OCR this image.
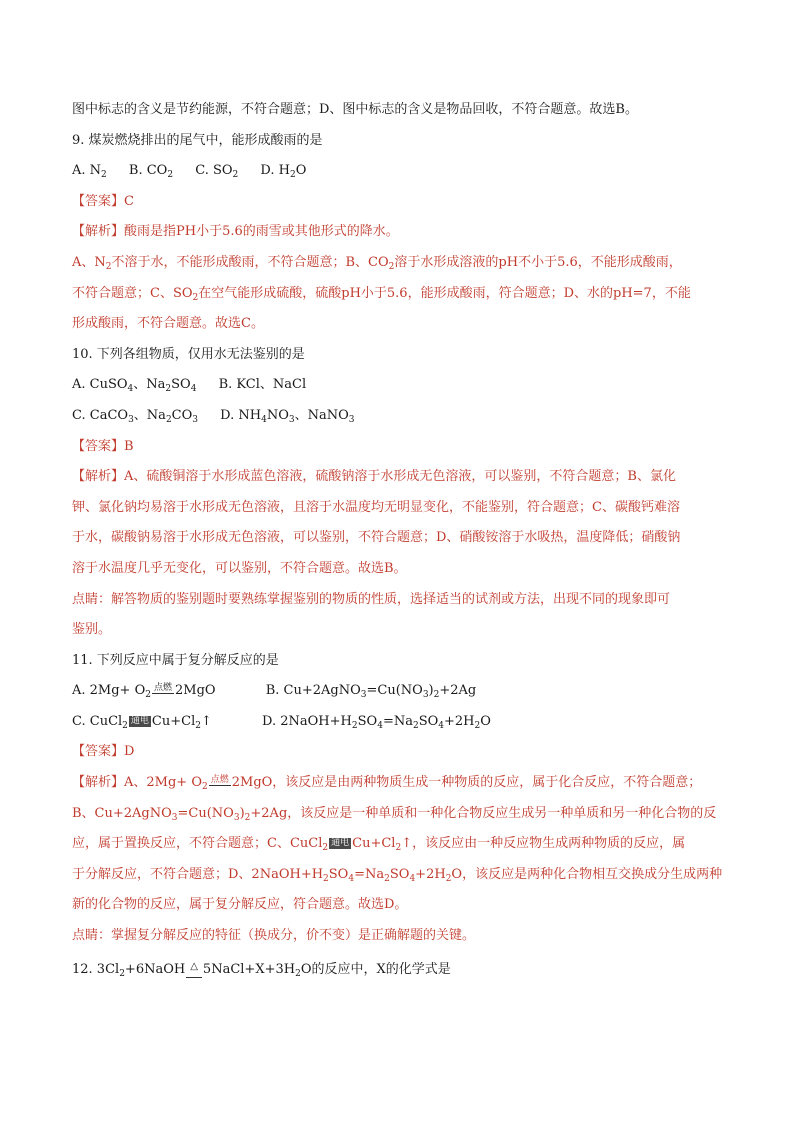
图中标志的含义是节约能源，不符合题意；D、图中标志的含义是物品回收，不符合题意。故选B。

9. 煤炭燃烧排出的尾气中，能形成酸雨的是

A. $N_2$ B. $CO_2$ C. $SO_2$ D. $H_2O$

【答案】C

【解析】酸雨是指PH小于5.6的雨雪或其他形式的降水。

A、$N_2$不溶于水，不能形成酸雨，不符合题意；B、$CO_2$溶于水形成溶液的pH不小于5.6，不能形成酸雨，

不符合题意；C、$SO_2$在空气能形成硫酸，硫酸pH小于5.6，能形成酸雨，符合题意；D、水的pH=7，不能

形成酸雨，不符合题意。故选C。

10. 下列各组物质，仅用水无法鉴别的是

A. CuSO$_4$、$Na_2SO_4$ B. KCl、NaCl

C. CaCO$_3$、$Na_2CO_3$ D. $NH_4NO_3$、NaNO$_3$

【答案】B

【解析】A、硫酸铜溶于水形成蓝色溶液，硫酸钠溶于水形成无色溶液，可以鉴别，不符合题意；B、氯化

钾、氯化钠均易溶于水形成无色溶液，且溶于水温度均无明显变化，不能鉴别，符合题意；C、碳酸钙难溶

于水，碳酸钠易溶于水形成无色溶液，可以鉴别，不符合题意；D、硝酸铵溶于水吸热，温度降低；硝酸钠

溶于水温度几乎无变化，可以鉴别，不符合题意。故选B。

点睛：解答物质的鉴别题时要熟练掌握鉴别的物质的性质，选择适当的试剂或方法，出现不同的现象即可

鉴别。

11. 下列反应中属于复分解反应的是

A. $2Mg+ O_2$点燃 2MgO	B. $Cu+2AgNO_3=Cu(NO_3)_2+2Ag$

C. CuCl$_2$ 通电 $Cu+Cl_2↑$	D. $2NaOH+H_2SO_4=Na_2SO_4+2H_2O$

【答案】D

【解析】A、$2Mg+ O_2$点燃 2MgO，该反应是由两种物质生成一种物质的反应，属于化合反应，不符合题意；

B、$Cu+2AgNO_3=Cu(NO_3)_2+2Ag$，该反应是一种单质和一种化合物反应生成另一种单质和另一种化合物的反

应，属于置换反应，不符合题意；C、CuCl$_2$ 通电 $Cu+Cl_2↑$，该反应由一种反应物生成两种物质的反应，属

于分解反应，不符合题意；D、$2NaOH+H_2SO_4=Na_2SO_4+2H_2O$，该反应是两种化合物相互交换成分生成两种

新的化合物的反应，属于复分解反应，符合题意。故选D。

点睛：掌握复分解反应的特征（换成分，价不变）是正确解题的关键。

12. $3Cl_2+6NaOH$ △ $5NaCl+X+3H_2O$的反应中，X的化学式是
